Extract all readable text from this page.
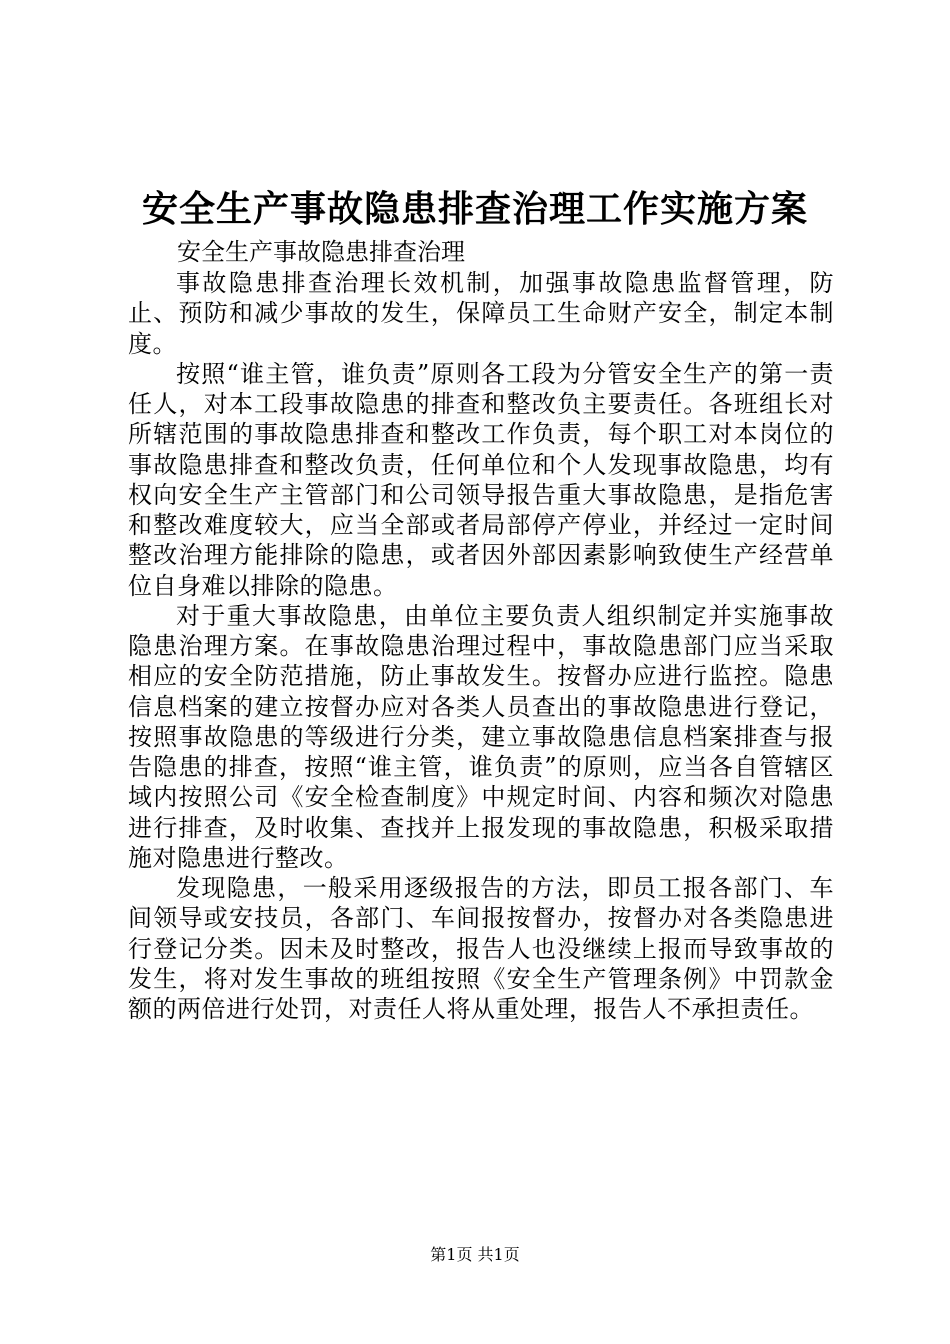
安全生产事故隐患排查治理工作实施方案
安全生产事故隐患排查治理

事故隐患排查治理长效机制，加强事故隐患监督管理，防止、预防和减少事故的发生，保障员工生命财产安全，制定本制度。

按照“谁主管，谁负责”原则各工段为分管安全生产的第一责任人，对本工段事故隐患的排查和整改负主要责任。各班组长对所辖范围的事故隐患排查和整改工作负责，每个职工对本岗位的事故隐患排查和整改负责，任何单位和个人发现事故隐患，均有权向安全生产主管部门和公司领导报告重大事故隐患，是指危害和整改难度较大，应当全部或者局部停产停业，并经过一定时间整改治理方能排除的隐患，或者因外部因素影响致使生产经营单位自身难以排除的隐患。

对于重大事故隐患，由单位主要负责人组织制定并实施事故隐患治理方案。在事故隐患治理过程中，事故隐患部门应当采取相应的安全防范措施，防止事故发生。按督办应进行监控。隐患信息档案的建立按督办应对各类人员查出的事故隐患进行登记，按照事故隐患的等级进行分类，建立事故隐患信息档案排查与报告隐患的排查，按照“谁主管，谁负责”的原则，应当各自管辖区域内按照公司《安全检查制度》中规定时间、内容和频次对隐患进行排查，及时收集、查找并上报发现的事故隐患，积极采取措施对隐患进行整改。

发现隐患，一般采用逐级报告的方法，即员工报各部门、车间领导或安技员，各部门、车间报按督办，按督办对各类隐患进行登记分类。因未及时整改，报告人也没继续上报而导致事故的发生，将对发生事故的班组按照《安全生产管理条例》中罚款金额的两倍进行处罚，对责任人将从重处理，报告人不承担责任。

第1页 共1页
